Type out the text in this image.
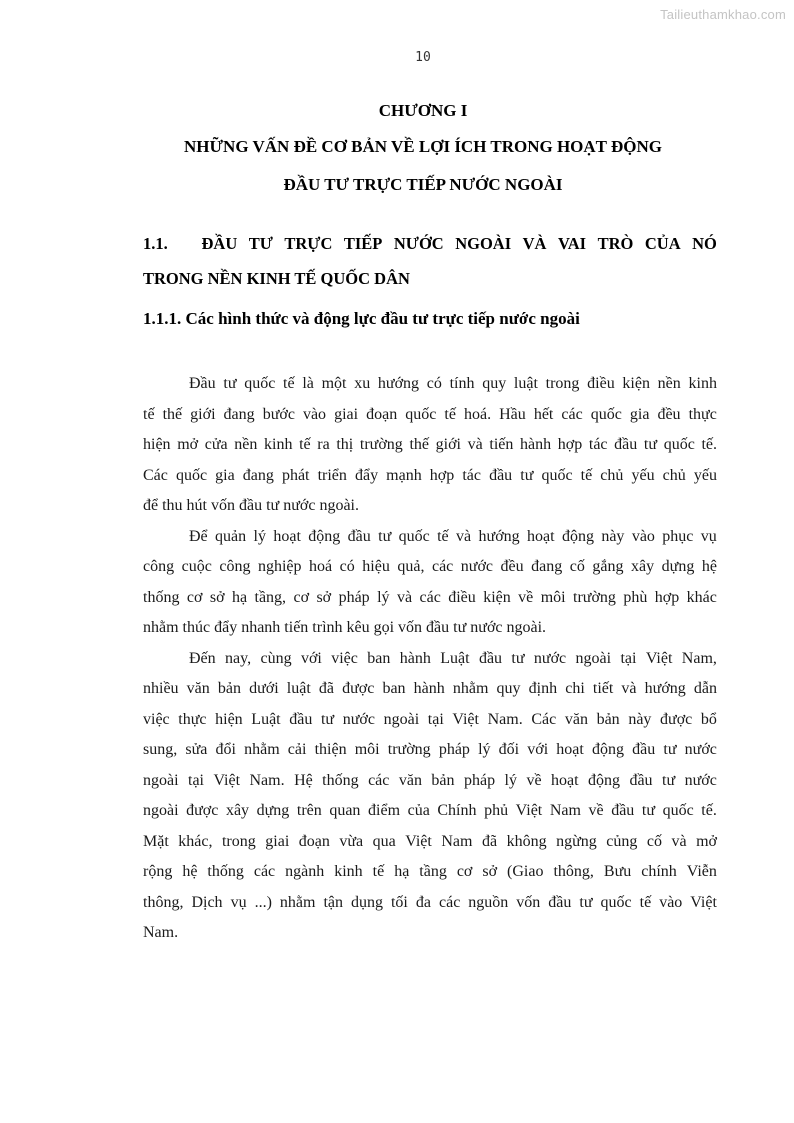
Tailieuthamkhao.com
10
CHƯƠNG I
NHỮNG VẤN ĐỀ CƠ BẢN VỀ LỢI ÍCH TRONG HOẠT ĐỘNG
ĐẦU TƯ TRỰC TIẾP NƯỚC NGOÀI
1.1.	ĐẦU TƯ TRỰC TIẾP NƯỚC NGOÀI VÀ VAI TRÒ CỦA NÓ
TRONG NỀN KINH TẾ QUỐC DÂN
1.1.1. Các hình thức và động lực đầu tư trực tiếp nước ngoài
Đầu tư quốc tế là một xu hướng có tính quy luật trong điều kiện nền kinh
tế thế giới đang bước vào giai đoạn quốc tế hoá. Hầu hết các quốc gia đều thực
hiện mở cửa nền kinh tế ra thị trường thế giới và tiến hành hợp tác đầu tư quốc tế.
Các quốc gia đang phát triển đẩy mạnh hợp tác đầu tư quốc tế chủ yếu chủ yếu
để thu hút vốn đầu tư nước ngoài.
Để quản lý hoạt động đầu tư quốc tế và hướng hoạt động này vào phục vụ
công cuộc công nghiệp hoá có hiệu quả, các nước đều đang cố gắng xây dựng hệ
thống cơ sở hạ tầng, cơ sở pháp lý và các điều kiện về môi trường phù hợp khác
nhằm thúc đẩy nhanh tiến trình kêu gọi vốn đầu tư nước ngoài.
Đến nay, cùng với việc ban hành Luật đầu tư nước ngoài tại Việt Nam,
nhiều văn bản dưới luật đã được ban hành nhằm quy định chi tiết và hướng dẫn
việc thực hiện Luật đầu tư nước ngoài tại Việt Nam. Các văn bản này được bổ
sung, sửa đổi nhằm cải thiện môi trường pháp lý đối với hoạt động đầu tư nước
ngoài tại Việt Nam. Hệ thống các văn bản pháp lý về hoạt động đầu tư nước
ngoài được xây dựng trên quan điểm của Chính phủ Việt Nam về đầu tư quốc tế.
Mặt khác, trong giai đoạn vừa qua Việt Nam đã không ngừng củng cố và mở
rộng hệ thống các ngành kinh tế hạ tầng cơ sở (Giao thông, Bưu chính Viễn
thông, Dịch vụ ...) nhằm tận dụng tối đa các nguồn vốn đầu tư quốc tế vào Việt
Nam.
